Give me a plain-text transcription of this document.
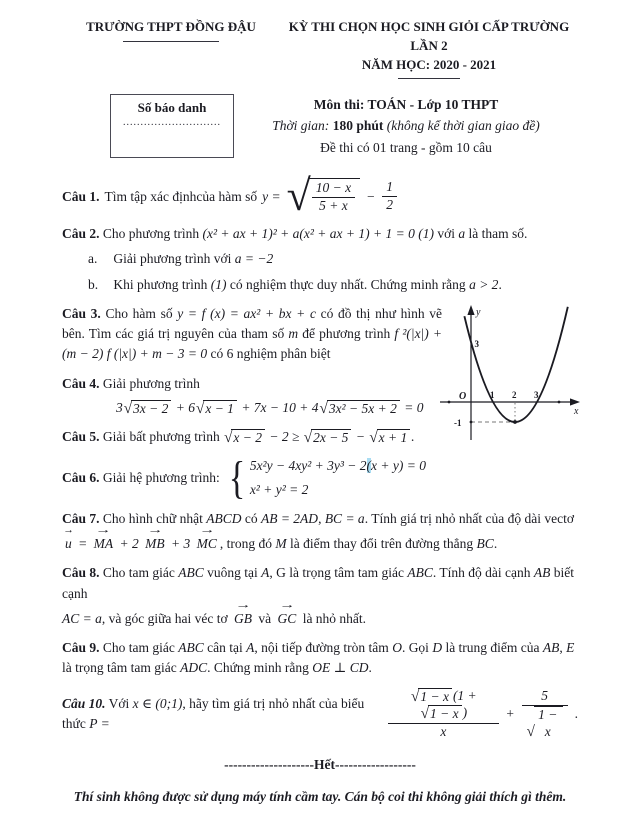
TRƯỜNG THPT ĐỒNG ĐẬU	KỲ THI CHỌN HỌC SINH GIỎI CẤP TRƯỜNG LẦN 2
NĂM HỌC: 2020 - 2021
Số báo danh
............................
Môn thi: TOÁN - Lớp 10 THPT
Thời gian: 180 phút (không kể thời gian giao đề)
Đề thi có 01 trang - gồm 10 câu
Câu 1. Tìm tập xác địnhcủa hàm số y = √ $\frac{10 - x}{5 + x} - \frac{1}{2}$
Câu 2. Cho phương trình (x² + ax + 1)² + a(x² + ax + 1) + 1 = 0 (1) với a là tham số.
a. Giải phương trình với a = −2
b. Khi phương trình (1) có nghiệm thực duy nhất. Chứng minh rằng a > 2.
Câu 3. Cho hàm số y = f (x) = ax² + bx + c có đồ thị như hình vẽ bên. Tìm các giá trị nguyên của tham số m để phương trình f ²(|x|) + (m − 2) f (|x|) + m − 3 = 0 có 6 nghiệm phân biệt
O
x
y
1 2 3
3
-1
Câu 4. Giải phương trình
3 √ 3x − 2 + 6 √ x − 1 + 7x − 10 + 4 √ 3x² − 5x + 2 = 0
Câu 5. Giải bất phương trình √ x − 2 − 2 ≥ √ 2x − 5 − √ x + 1 .
Câu 6. Giải hệ phương trình: { 5x²y − 4xy² + 3y³ − 2(x + y) = 0
x² + y² = 2
Câu 7. Cho hình chữ nhật ABCD có AB = 2AD, BC = a. Tính giá trị nhỏ nhất của độ dài vectơ
→
u =
→
MA + 2
→
MB + 3
→
MC , trong đó M là điểm thay đổi trên đường thẳng BC.
Câu 8. Cho tam giác ABC vuông tại A, G là trọng tâm tam giác ABC. Tính độ dài cạnh AB biết cạnh
AC = a, và góc giữa hai véc tơ
→
GB và
→
GC là nhỏ nhất.
Câu 9. Cho tam giác ABC cân tại A, nội tiếp đường tròn tâm O. Gọi D là trung điểm của AB, E là trọng tâm tam giác ADC. Chứng minh rằng OE ⊥ CD.
Câu 10. Với x ∈ (0;1), hãy tìm giá trị nhỏ nhất của biểu thức P =	√ 1 − x (1 +
√ 1 − x )
x + 5
√
1 − x .
--------------------Hết------------------
Thí sinh không được sử dụng máy tính cầm tay. Cán bộ coi thi không giải thích gì thêm.
